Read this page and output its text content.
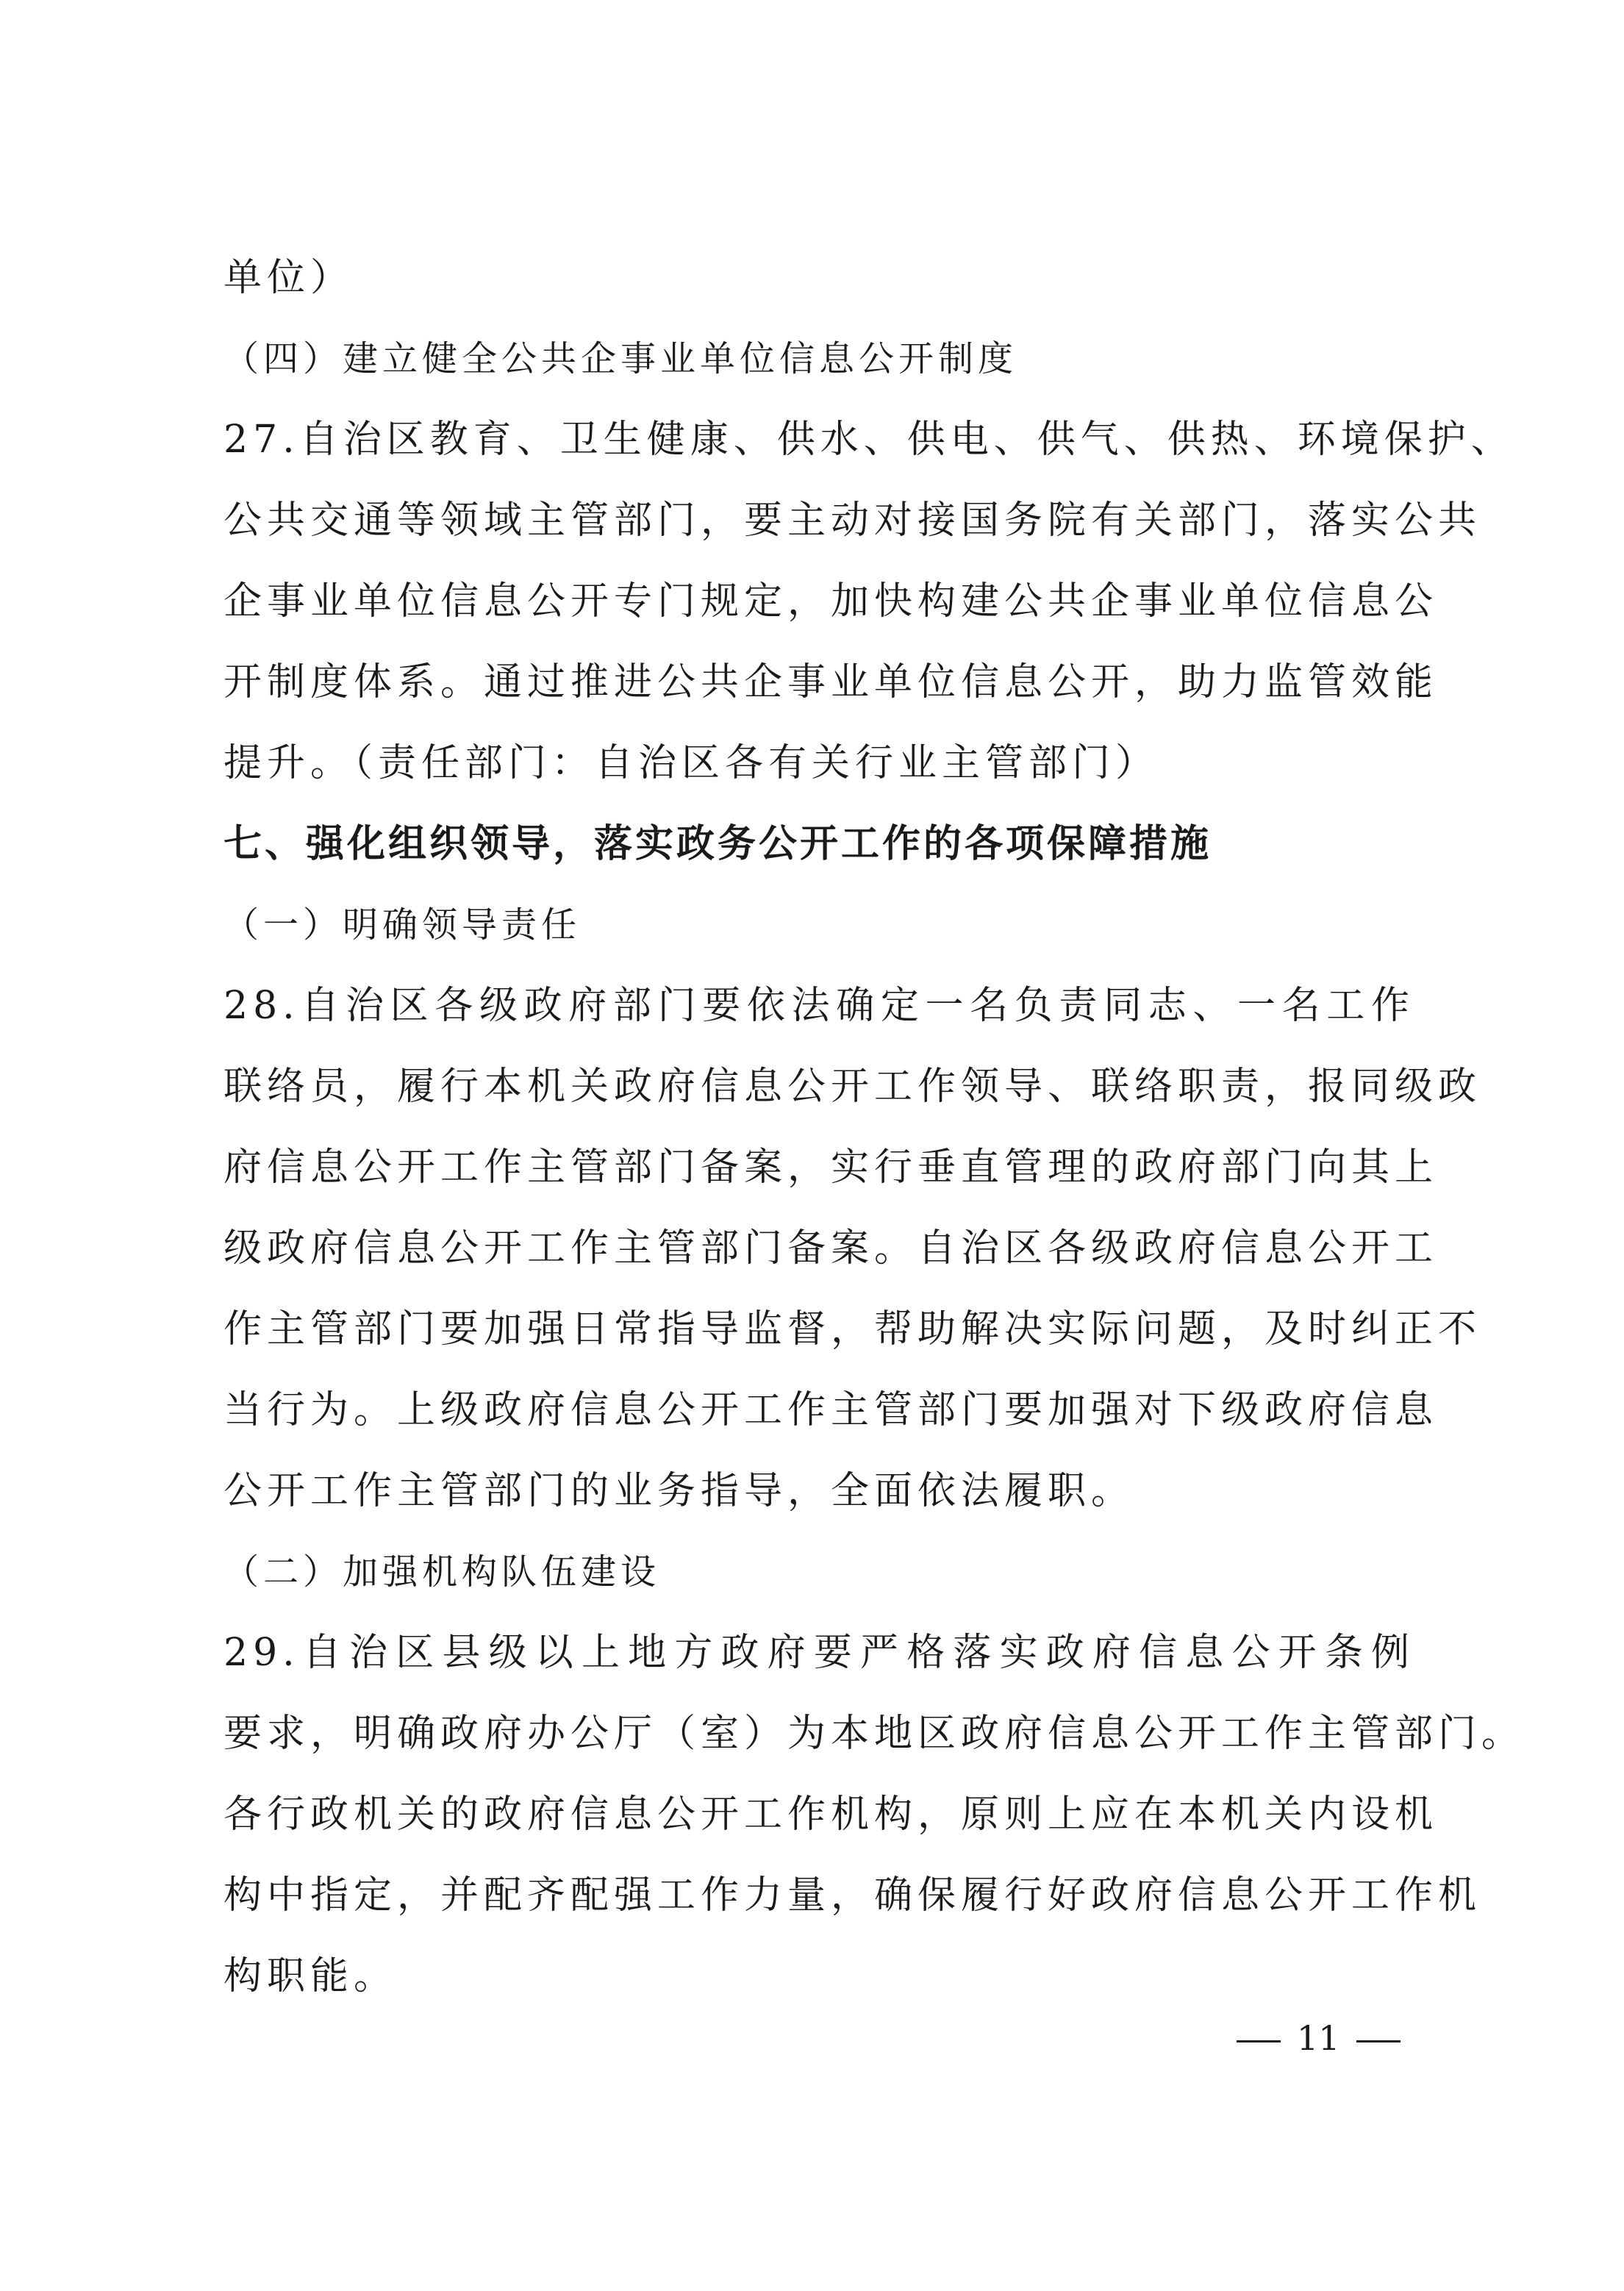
单位）
（四）建立健全公共企事业单位信息公开制度
27.自治区教育、卫生健康、供水、供电、供气、供热、环境保护、
公共交通等领域主管部门，要主动对接国务院有关部门，落实公共
企事业单位信息公开专门规定，加快构建公共企事业单位信息公
开制度体系。通过推进公共企事业单位信息公开，助力监管效能
提升。（责任部门：自治区各有关行业主管部门）
七、强化组织领导，落实政务公开工作的各项保障措施
（一）明确领导责任
28.自治区各级政府部门要依法确定一名负责同志、一名工作
联络员，履行本机关政府信息公开工作领导、联络职责，报同级政
府信息公开工作主管部门备案，实行垂直管理的政府部门向其上
级政府信息公开工作主管部门备案。自治区各级政府信息公开工
作主管部门要加强日常指导监督，帮助解决实际问题，及时纠正不
当行为。上级政府信息公开工作主管部门要加强对下级政府信息
公开工作主管部门的业务指导，全面依法履职。
（二）加强机构队伍建设
29.自治区县级以上地方政府要严格落实政府信息公开条例
要求，明确政府办公厅（室）为本地区政府信息公开工作主管部门。
各行政机关的政府信息公开工作机构，原则上应在本机关内设机
构中指定，并配齐配强工作力量，确保履行好政府信息公开工作机
构职能。
11
